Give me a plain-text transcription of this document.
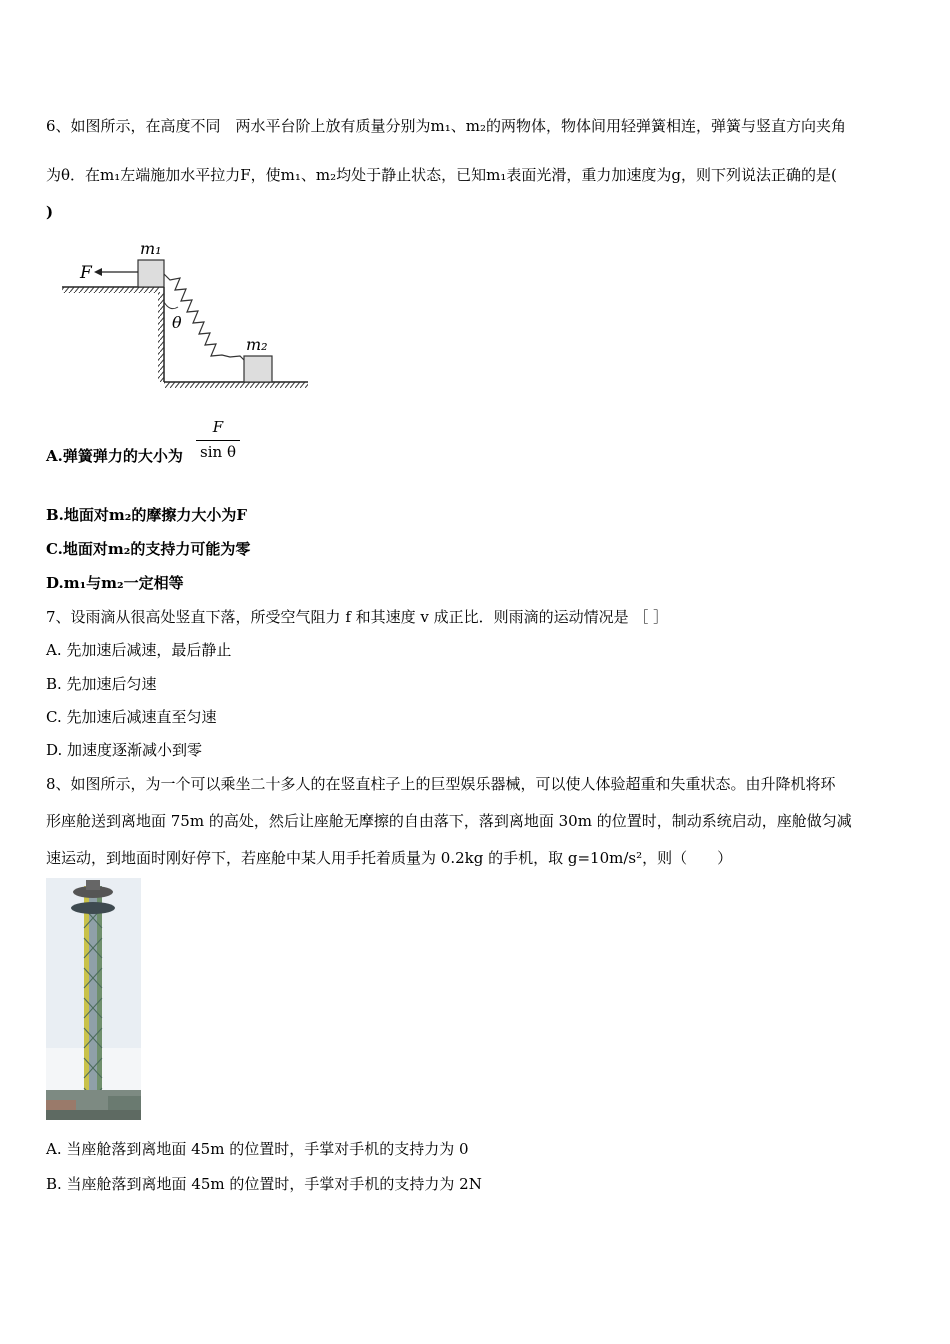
6、如图所示，在高度不同　两水平台阶上放有质量分别为m₁、m₂的两物体，物体间用轻弹簧相连，弹簧与竖直方向夹角
为θ．在m₁左端施加水平拉力F，使m₁、m₂均处于静止状态，已知m₁表面光滑，重力加速度为g，则下列说法正确的是(
)
F
m₁
m₂
θ
A.弹簧弹力的大小为
F
sin θ
B.地面对m₂的摩擦力大小为F
C.地面对m₂的支持力可能为零
D.m₁与m₂一定相等
7、设雨滴从很高处竖直下落，所受空气阻力 f 和其速度 v 成正比．则雨滴的运动情况是 ［ ］
A. 先加速后减速，最后静止
B. 先加速后匀速
C. 先加速后减速直至匀速
D. 加速度逐渐减小到零
8、如图所示，为一个可以乘坐二十多人的在竖直柱子上的巨型娱乐器械，可以使人体验超重和失重状态。由升降机将环
形座舱送到离地面 75m 的高处，然后让座舱无摩擦的自由落下，落到离地面 30m 的位置时，制动系统启动，座舱做匀减
速运动，到地面时刚好停下，若座舱中某人用手托着质量为 0.2kg 的手机，取 g=10m/s²，则（　　）
A. 当座舱落到离地面 45m 的位置时，手掌对手机的支持力为 0
B. 当座舱落到离地面 45m 的位置时，手掌对手机的支持力为 2N
